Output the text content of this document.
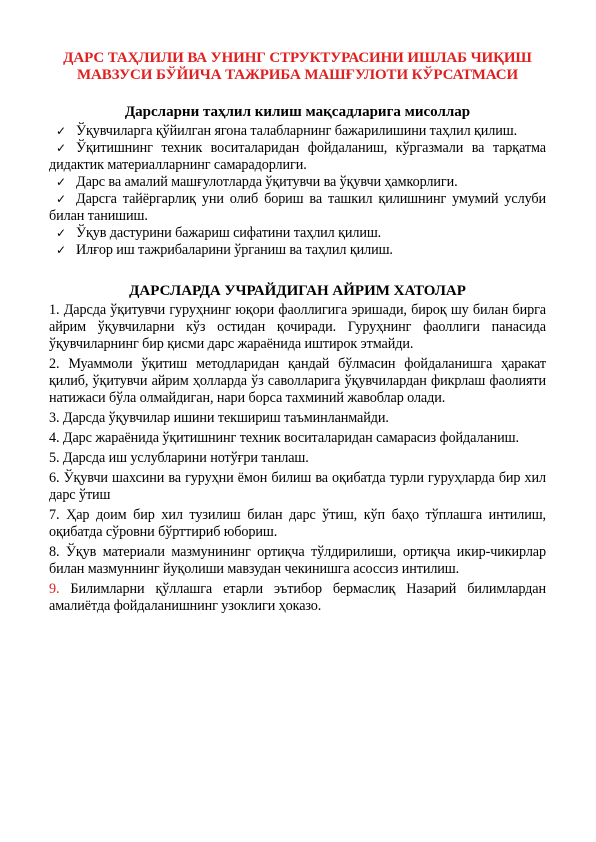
ДАРС ТАҲЛИЛИ ВА УНИНГ СТРУКТУРАСИНИ ИШЛАБ ЧИҚИШ МАВЗУСИ БЎЙИЧА ТАЖРИБА МАШҒУЛОТИ КЎРСАТМАСИ
Дарсларни таҳлил килиш мақсадларига мисоллар
✓ Ўқувчиларга қўйилган ягона талабларнинг бажарилишини таҳлил қилиш.
✓ Ўқитишнинг техник воситаларидан фойдаланиш, кўргазмали ва тарқатма дидактик материалларнинг самарадорлиги.
✓ Дарс ва амалий машғулотларда ўқитувчи ва ўқувчи ҳамкорлиги.
✓ Дарсга тайёргарлиқ уни олиб бориш ва ташкил қилишнинг умумий услуби билан танишиш.
✓ Ўқув дастурини бажариш сифатини таҳлил қилиш.
✓ Илғор иш тажрибаларини ўрганиш ва таҳлил қилиш.
ДАРСЛАРДА УЧРАЙДИГАН АЙРИМ ХАТОЛАР

1. Дарсда ўқитувчи гуруҳнинг юқори фаоллигига эришади, бироқ шу билан бирга айрим ўқувчиларни кўз остидан қочиради. Гуруҳнинг фаоллиги панасида ўқувчиларнинг бир қисми дарс жараёнида иштирок этмайди.

2. Муаммоли ўқитиш методларидан қандай бўлмасин фойдаланишга ҳаракат қилиб, ўқитувчи айрим ҳолларда ўз саволларига ўқувчилардан фикрлаш фаолияти натижаси бўла олмайдиган, нари борса тахминий жавоблар олади.

3. Дарсда ўқувчилар ишини текшириш таъминланмайди.

4. Дарс жараёнида ўқитишнинг техник воситаларидан самарасиз фойдаланиш.

5. Дарсда иш услубларини нотўғри танлаш.

6. Ўқувчи шахсини ва гуруҳни ёмон билиш ва оқибатда турли гуруҳларда бир хил дарс ўтиш

7. Ҳар доим бир хил тузилиш билан дарс ўтиш, кўп баҳо тўплашга интилиш, оқибатда сўровни бўрттириб юбориш.

8. Ўқув материали мазмунининг ортиқча тўлдирилиши, ортиқча икир-чикирлар билан мазмуннинг йуқолиши мавзудан чекинишга асоссиз интилиш.

9. Билимларни қўллашга етарли эътибор бермаслиқ Назарий билимлардан амалиётда фойдаланишнинг узоклиги ҳоказо.
